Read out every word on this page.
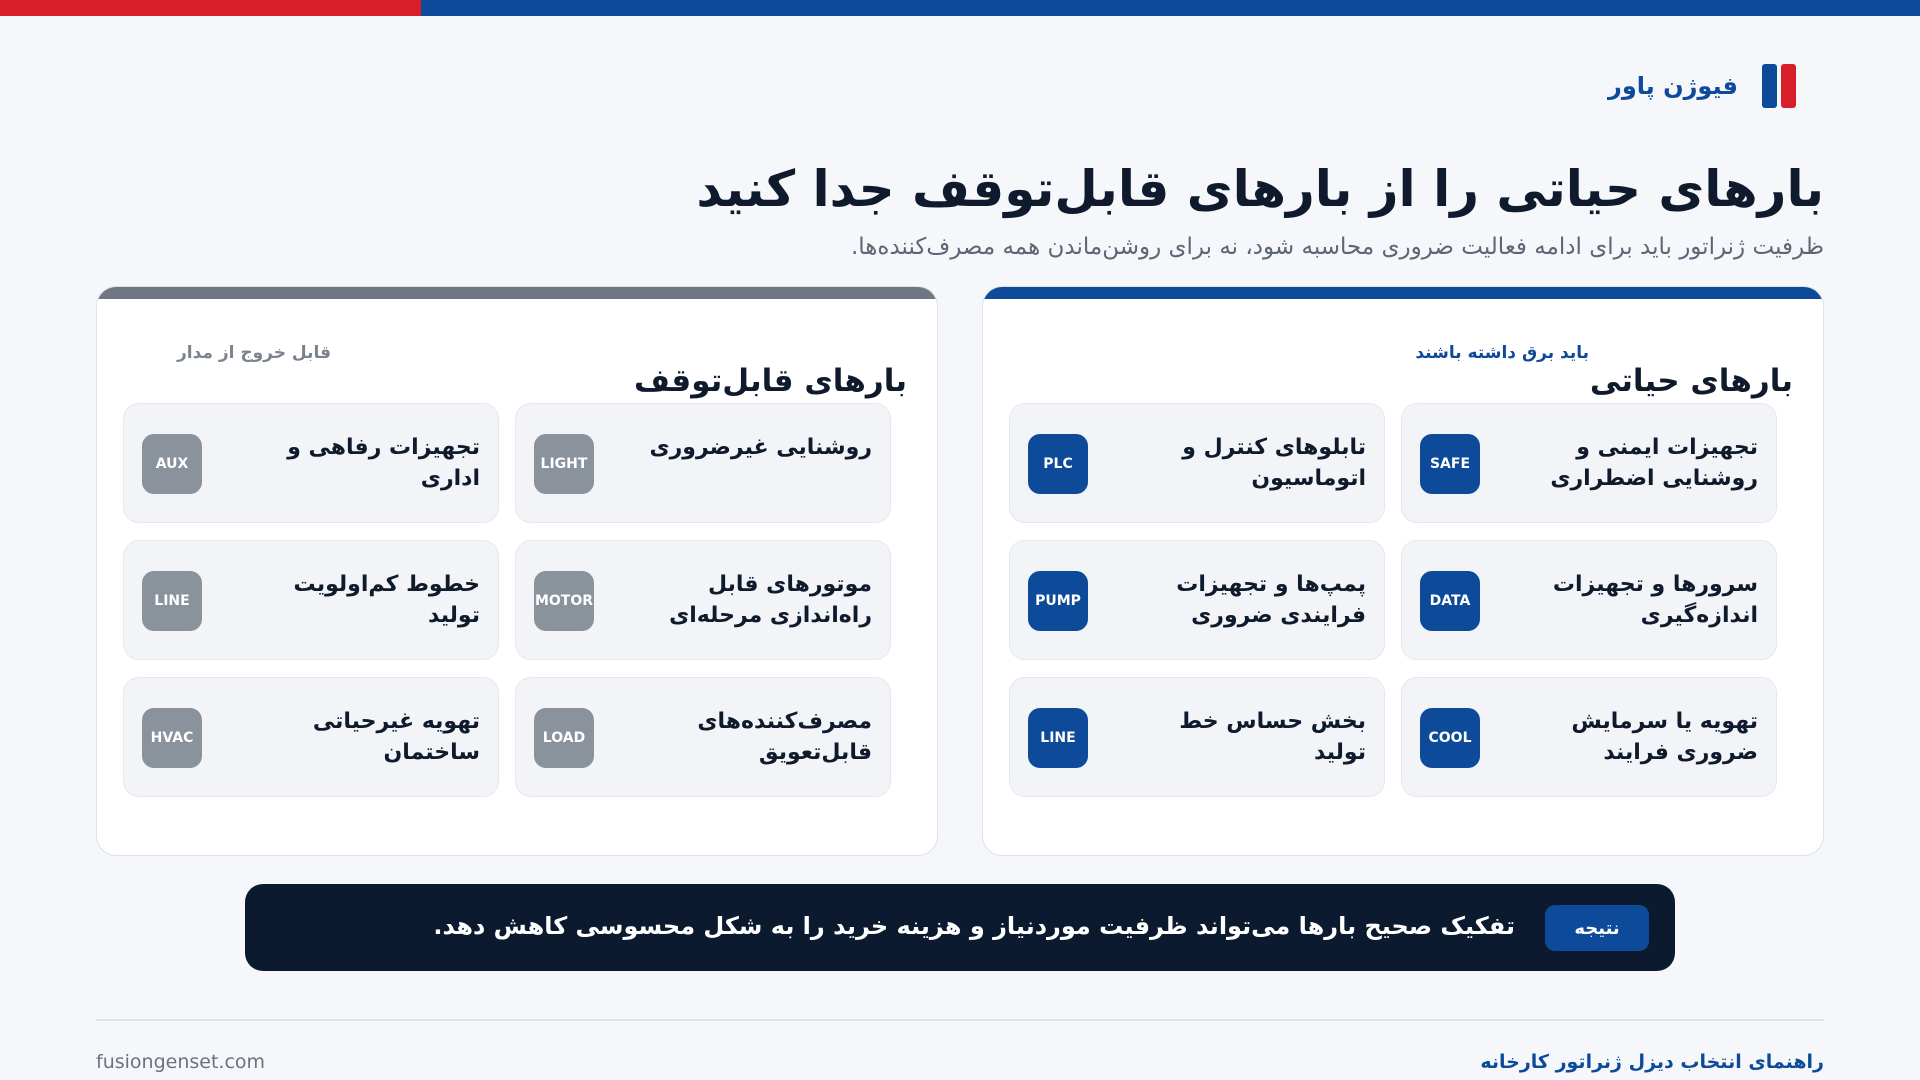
فیوژن پاور
بارهای حیاتی را از بارهای قابل‌توقف جدا کنید

ظرفیت ژنراتور باید برای ادامه فعالیت ضروری محاسبه شود، نه برای روشن‌ماندن همه مصرف‌کننده‌ها.

بارهای حیاتی
باید برق داشته باشند
تجهیزات ایمنی و روشنایی اضطراری
SAFE
تابلوهای کنترل و اتوماسیون
PLC
سرورها و تجهیزات اندازه‌گیری
DATA
پمپ‌ها و تجهیزات فرایندی ضروری
PUMP
تهویه یا سرمایش ضروری فرایند
COOL
بخش حساس خط تولید
LINE
بارهای قابل‌توقف
قابل خروج از مدار
روشنایی غیرضروری
LIGHT
تجهیزات رفاهی و اداری
AUX
موتورهای قابل راه‌اندازی مرحله‌ای
MOTOR
خطوط کم‌اولویت تولید
LINE
مصرف‌کننده‌های قابل‌تعویق
LOAD
تهویه غیرحیاتی ساختمان
HVAC
نتیجه
تفکیک صحیح بارها می‌تواند ظرفیت موردنیاز و هزینه خرید را به شکل محسوسی کاهش دهد.
راهنمای انتخاب دیزل ژنراتور کارخانه
fusiongenset.com
